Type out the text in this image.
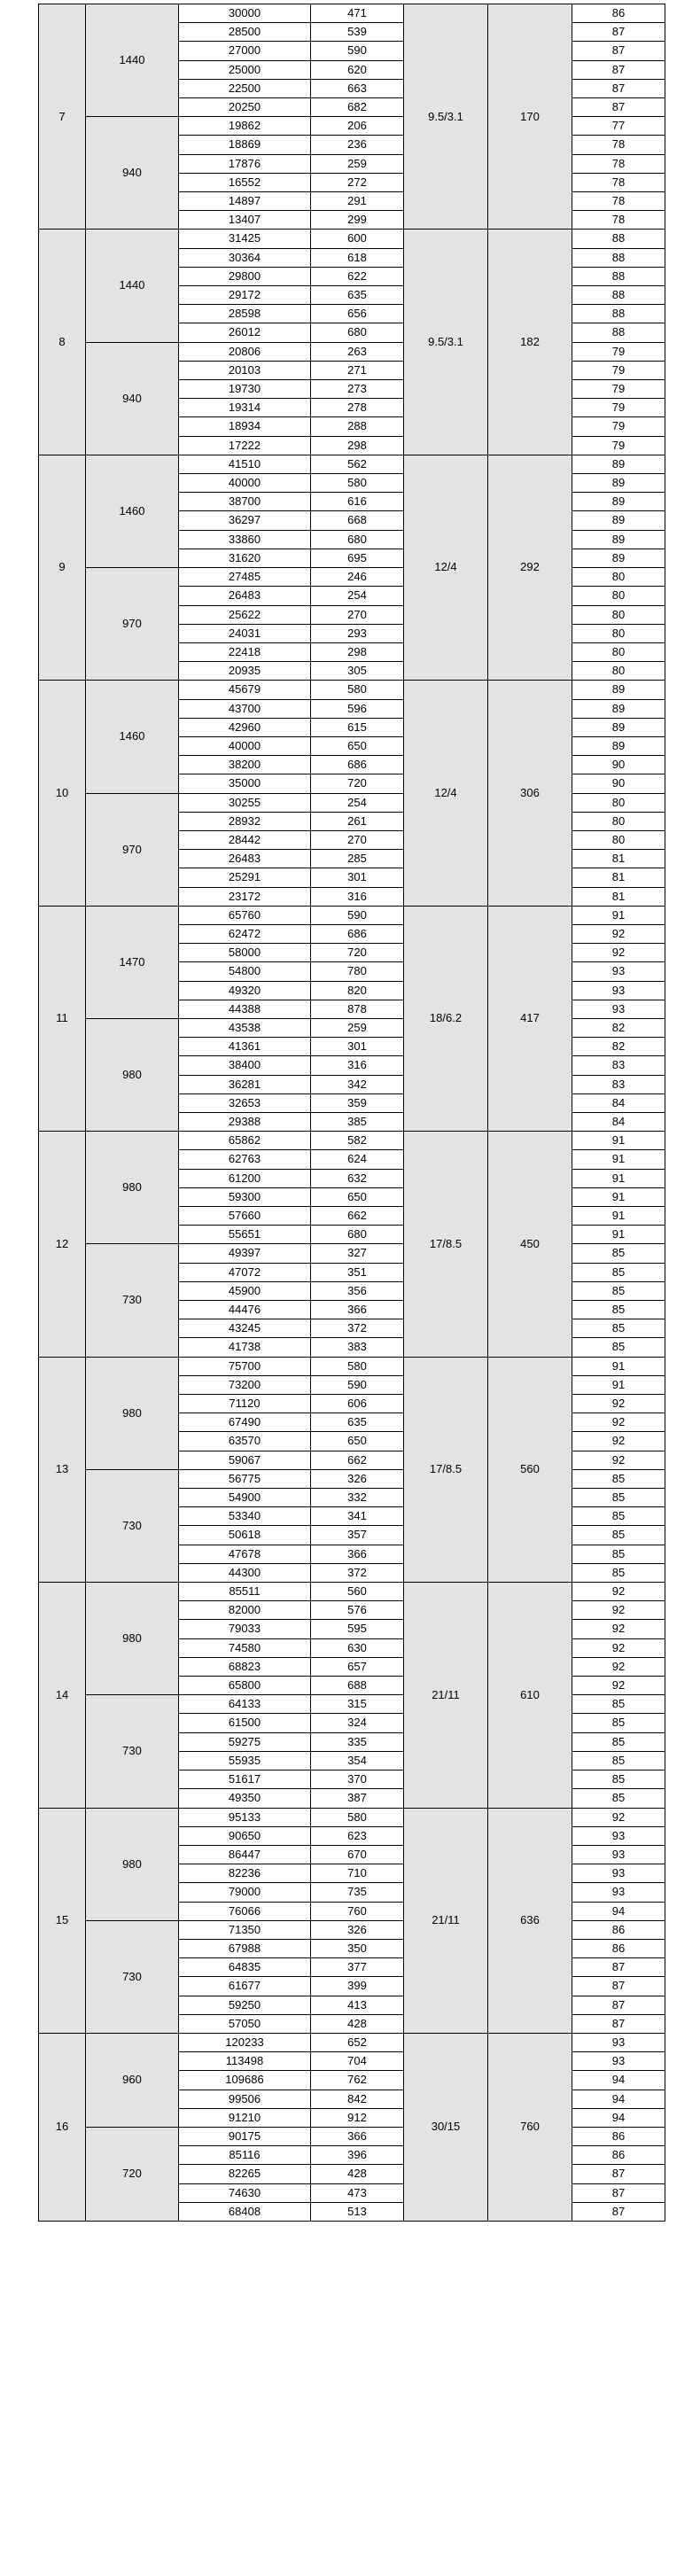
7	1440	30000	471	9.5/3.1	170	86
		28500	539			87
		27000	590			87
		25000	620			87
		22500	663			87
		20250	682			87
	940	19862	206			77
		18869	236			78
		17876	259			78
		16552	272			78
		14897	291			78
		13407	299			78
8	1440	31425	600	9.5/3.1	182	88
		30364	618			88
		29800	622			88
		29172	635			88
		28598	656			88
		26012	680			88
	940	20806	263			79
		20103	271			79
		19730	273			79
		19314	278			79
		18934	288			79
		17222	298			79
9	1460	41510	562	12/4	292	89
		40000	580			89
		38700	616			89
		36297	668			89
		33860	680			89
		31620	695			89
	970	27485	246			80
		26483	254			80
		25622	270			80
		24031	293			80
		22418	298			80
		20935	305			80
10	1460	45679	580	12/4	306	89
		43700	596			89
		42960	615			89
		40000	650			89
		38200	686			90
		35000	720			90
	970	30255	254			80
		28932	261			80
		28442	270			80
		26483	285			81
		25291	301			81
		23172	316			81
11	1470	65760	590	18/6.2	417	91
		62472	686			92
		58000	720			92
		54800	780			93
		49320	820			93
		44388	878			93
	980	43538	259			82
		41361	301			82
		38400	316			83
		36281	342			83
		32653	359			84
		29388	385			84
12	980	65862	582	17/8.5	450	91
		62763	624			91
		61200	632			91
		59300	650			91
		57660	662			91
		55651	680			91
	730	49397	327			85
		47072	351			85
		45900	356			85
		44476	366			85
		43245	372			85
		41738	383			85
13	980	75700	580	17/8.5	560	91
		73200	590			91
		71120	606			92
		67490	635			92
		63570	650			92
		59067	662			92
	730	56775	326			85
		54900	332			85
		53340	341			85
		50618	357			85
		47678	366			85
		44300	372			85
14	980	85511	560	21/11	610	92
		82000	576			92
		79033	595			92
		74580	630			92
		68823	657			92
		65800	688			92
	730	64133	315			85
		61500	324			85
		59275	335			85
		55935	354			85
		51617	370			85
		49350	387			85
15	980	95133	580	21/11	636	92
		90650	623			93
		86447	670			93
		82236	710			93
		79000	735			93
		76066	760			94
	730	71350	326			86
		67988	350			86
		64835	377			87
		61677	399			87
		59250	413			87
		57050	428			87
16	960	120233	652	30/15	760	93
		113498	704			93
		109686	762			94
		99506	842			94
		91210	912			94
	720	90175	366			86
		85116	396			86
		82265	428			87
		74630	473			87
		68408	513			87
